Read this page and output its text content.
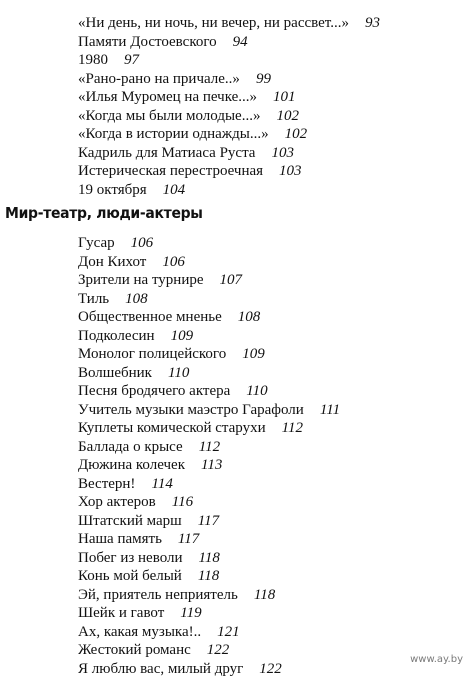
«Ни день, ни ночь, ни вечер, ни рассвет...» 93
Памяти Достоевского 94
1980 97
«Рано-рано на причале..» 99
«Илья Муромец на печке...» 101
«Когда мы были молодые...» 102
«Когда в истории однажды...» 102
Кадриль для Матиаса Руста 103
Истерическая перестроечная 103
19 октября 104
Мир-театр, люди-актеры
Гусар 106
Дон Кихот 106
Зрители на турнире 107
Тиль 108
Общественное мненье 108
Подколесин 109
Монолог полицейского 109
Волшебник 110
Песня бродячего актера 110
Учитель музыки маэстро Гарафоли 111
Куплеты комической старухи 112
Баллада о крысе 112
Дюжина колечек 113
Вестерн! 114
Хор актеров 116
Штатский марш 117
Наша память 117
Побег из неволи 118
Конь мой белый 118
Эй, приятель неприятель 118
Шейк и гавот 119
Ах, какая музыка!.. 121
Жестокий романс 122
Я люблю вас, милый друг 122
www.ay.by
